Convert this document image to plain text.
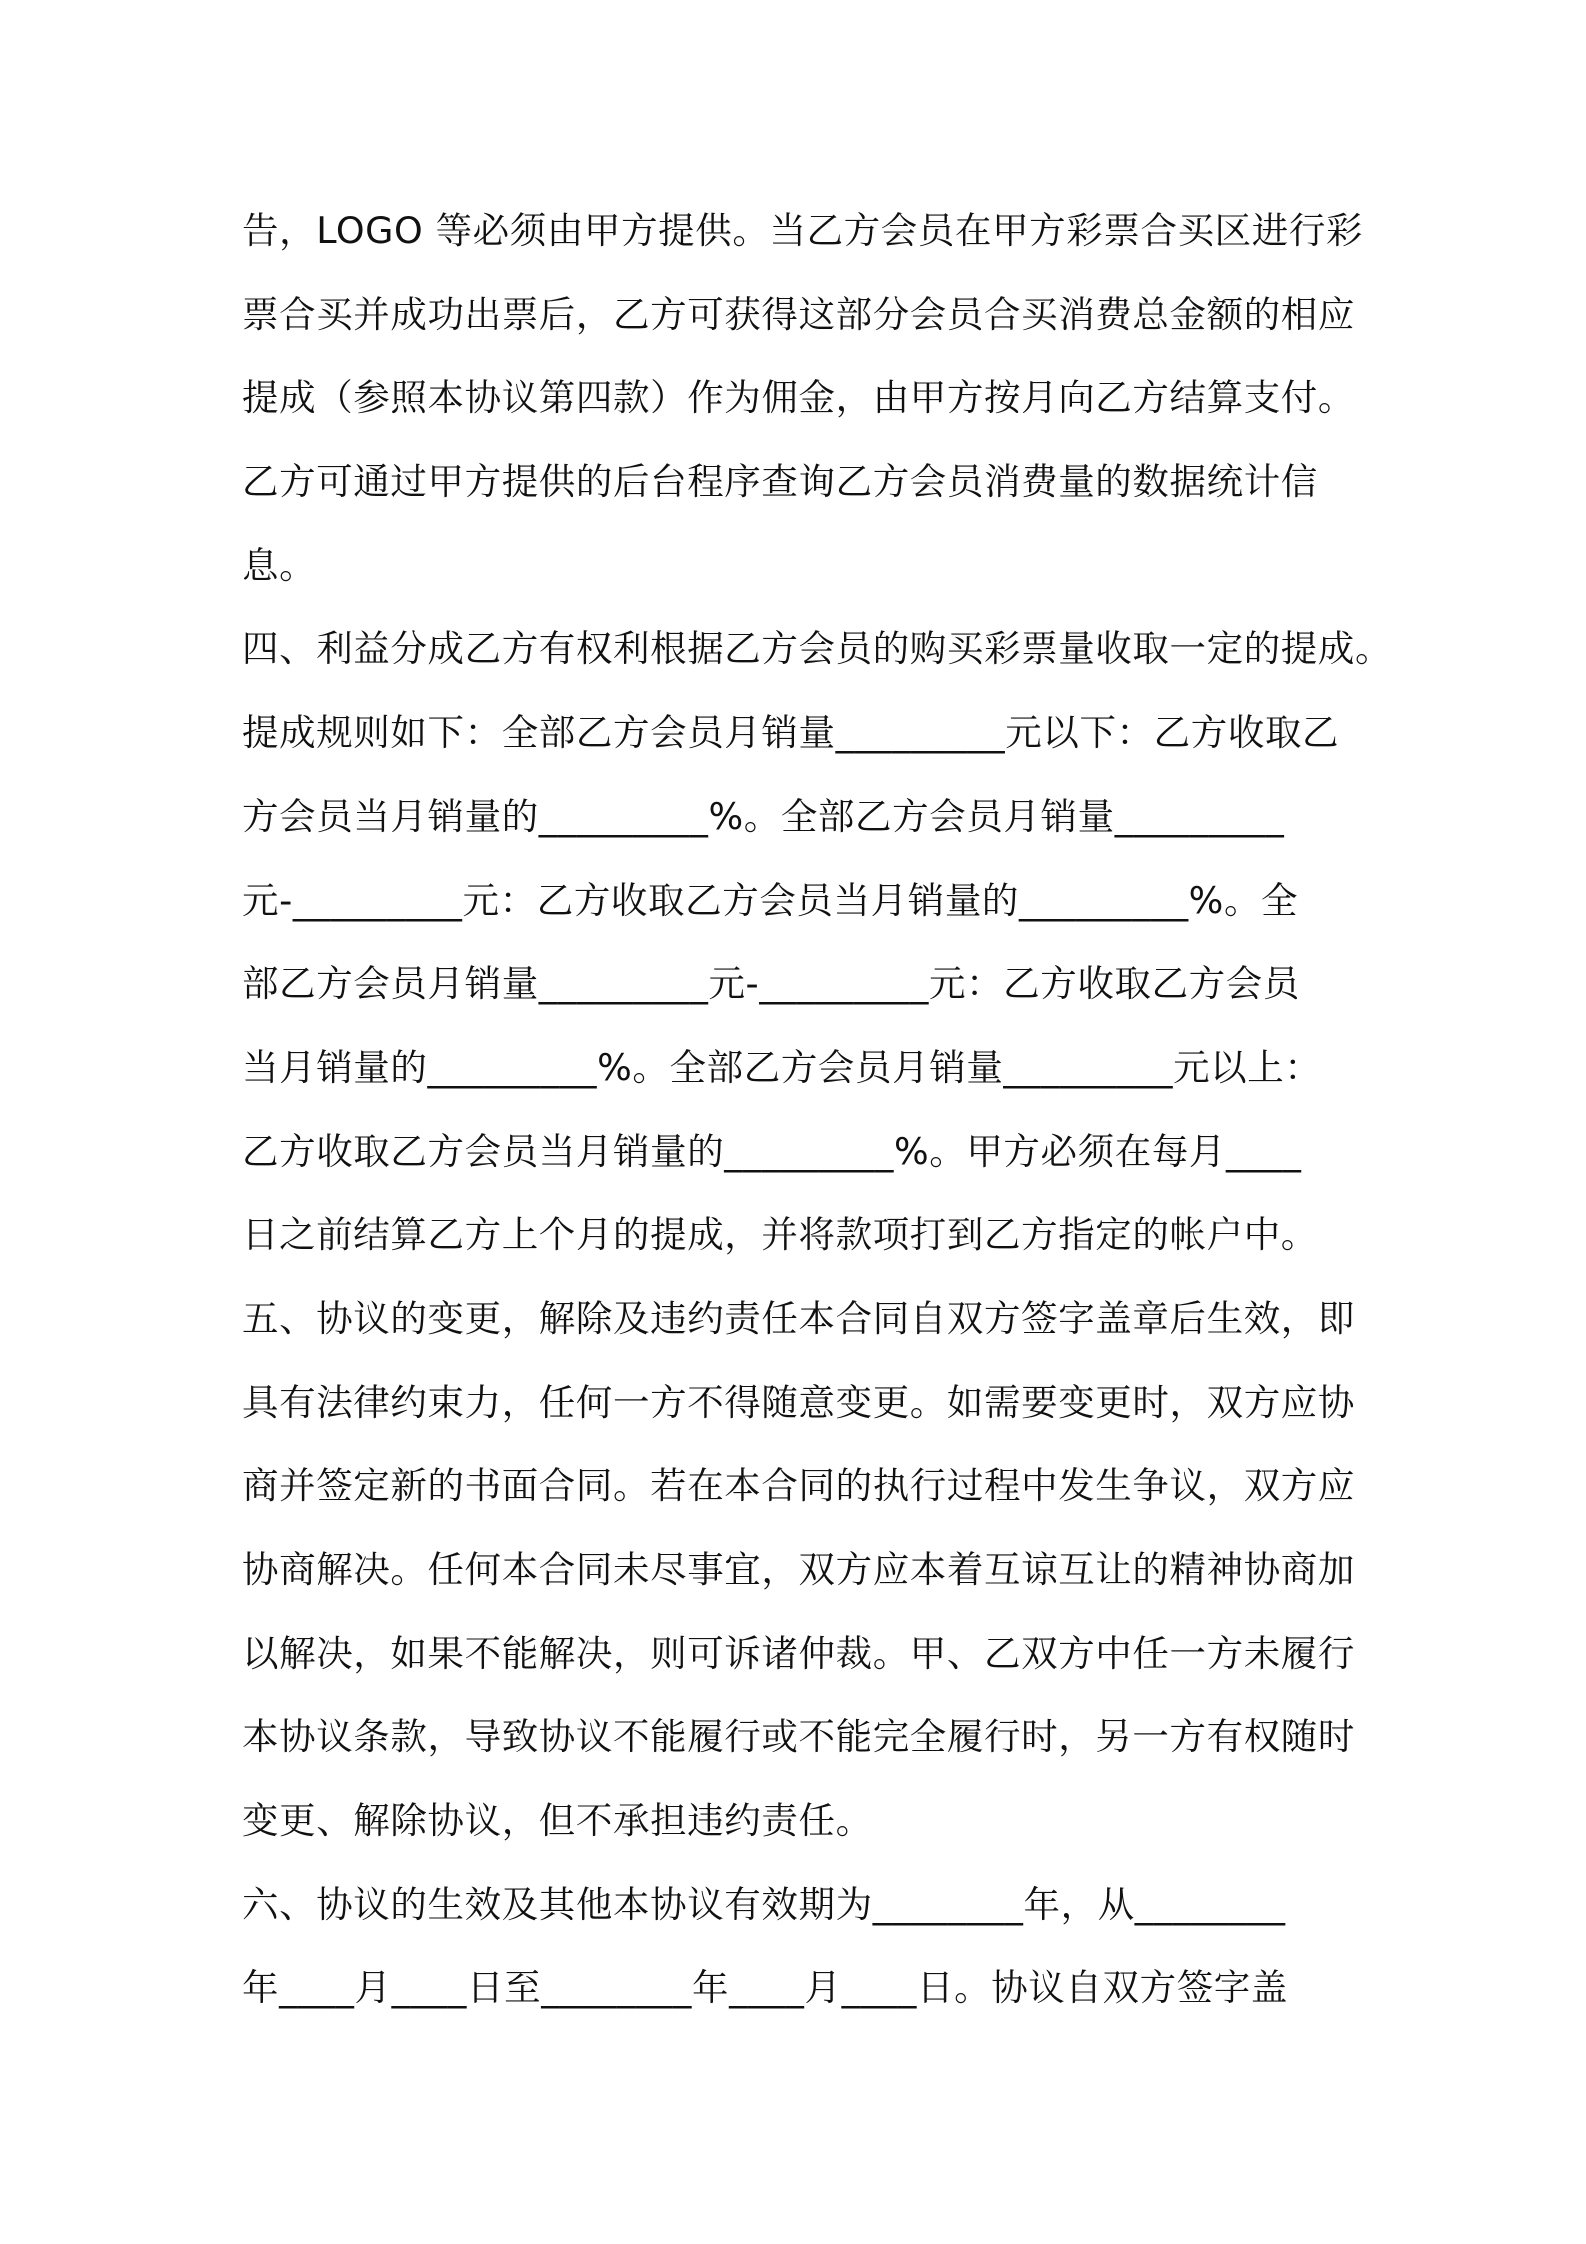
告，LOGO 等必须由甲方提供。当乙方会员在甲方彩票合买区进行彩
票合买并成功出票后，乙方可获得这部分会员合买消费总金额的相应
提成（参照本协议第四款）作为佣金，由甲方按月向乙方结算支付。
乙方可通过甲方提供的后台程序查询乙方会员消费量的数据统计信
息。
四、利益分成乙方有权利根据乙方会员的购买彩票量收取一定的提成。
提成规则如下：全部乙方会员月销量_________元以下：乙方收取乙
方会员当月销量的_________%。全部乙方会员月销量_________
元-_________元：乙方收取乙方会员当月销量的_________%。全
部乙方会员月销量_________元-_________元：乙方收取乙方会员
当月销量的_________%。全部乙方会员月销量_________元以上：
乙方收取乙方会员当月销量的_________%。甲方必须在每月____
日之前结算乙方上个月的提成，并将款项打到乙方指定的帐户中。
五、协议的变更，解除及违约责任本合同自双方签字盖章后生效，即
具有法律约束力，任何一方不得随意变更。如需要变更时，双方应协
商并签定新的书面合同。若在本合同的执行过程中发生争议，双方应
协商解决。任何本合同未尽事宜，双方应本着互谅互让的精神协商加
以解决，如果不能解决，则可诉诸仲裁。甲、乙双方中任一方未履行
本协议条款，导致协议不能履行或不能完全履行时，另一方有权随时
变更、解除协议，但不承担违约责任。
六、协议的生效及其他本协议有效期为________年，从________
年____月____日至________年____月____日。协议自双方签字盖
